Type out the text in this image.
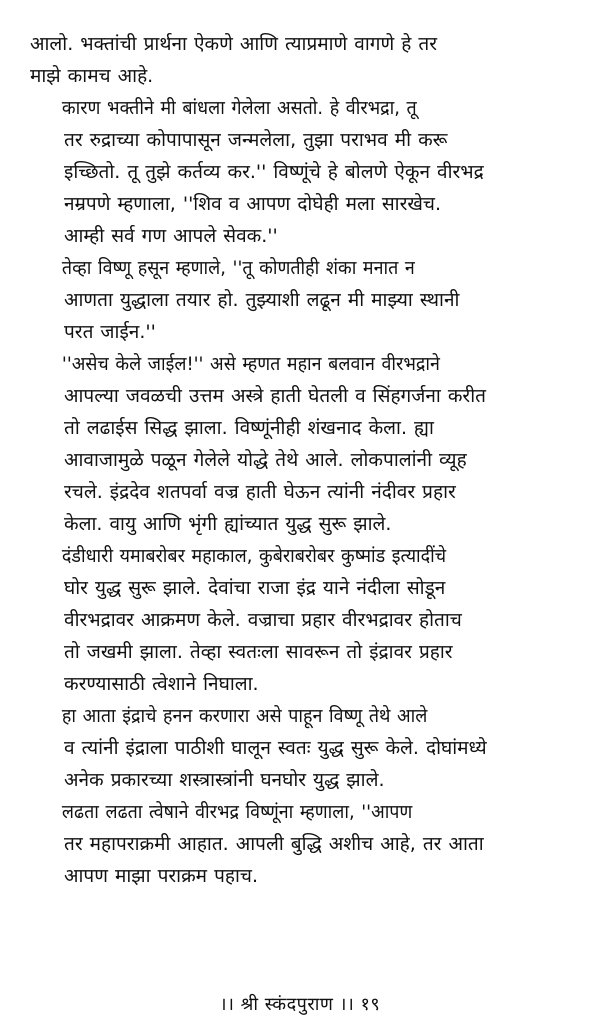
आलो. भक्तांची प्रार्थना ऐकणे आणि त्याप्रमाणे वागणे हे तर
माझे कामच आहे.

कारण भक्तीने मी बांधला गेलेला असतो. हे वीरभद्रा, तू
तर रुद्राच्या कोपापासून जन्मलेला, तुझा पराभव मी करू
इच्छितो. तू तुझे कर्तव्य कर.'' विष्णूंचे हे बोलणे ऐकून वीरभद्र
नम्रपणे म्हणाला, ''शिव व आपण दोघेही मला सारखेच.
आम्ही सर्व गण आपले सेवक.''

तेव्हा विष्णू हसून म्हणाले, ''तू कोणतीही शंका मनात न
आणता युद्धाला तयार हो. तुझ्याशी लढून मी माझ्या स्थानी
परत जाईन.''

''असेच केले जाईल!'' असे म्हणत महान बलवान वीरभद्राने
आपल्या जवळची उत्तम अस्त्रे हाती घेतली व सिंहगर्जना करीत
तो लढाईस सिद्ध झाला. विष्णूंनीही शंखनाद केला. ह्या
आवाजामुळे पळून गेलेले योद्धे तेथे आले. लोकपालांनी व्यूह
रचले. इंद्रदेव शतपर्वा वज्र हाती घेऊन त्यांनी नंदीवर प्रहार
केला. वायु आणि भृंगी ह्यांच्यात युद्ध सुरू झाले.

दंडीधारी यमाबरोबर महाकाल, कुबेराबरोबर कुष्मांड इत्यादींचे
घोर युद्ध सुरू झाले. देवांचा राजा इंद्र याने नंदीला सोडून
वीरभद्रावर आक्रमण केले. वज्राचा प्रहार वीरभद्रावर होताच
तो जखमी झाला. तेव्हा स्वतःला सावरून तो इंद्रावर प्रहार
करण्यासाठी त्वेशाने निघाला.

हा आता इंद्राचे हनन करणारा असे पाहून विष्णू तेथे आले
व त्यांनी इंद्राला पाठीशी घालून स्वतः युद्ध सुरू केले. दोघांमध्ये
अनेक प्रकारच्या शस्त्रास्त्रांनी घनघोर युद्ध झाले.

लढता लढता त्वेषाने वीरभद्र विष्णूंना म्हणाला, ''आपण
तर महापराक्रमी आहात. आपली बुद्धि अशीच आहे, तर आता
आपण माझा पराक्रम पहाच.

।। श्री स्कंदपुराण ।। १९
